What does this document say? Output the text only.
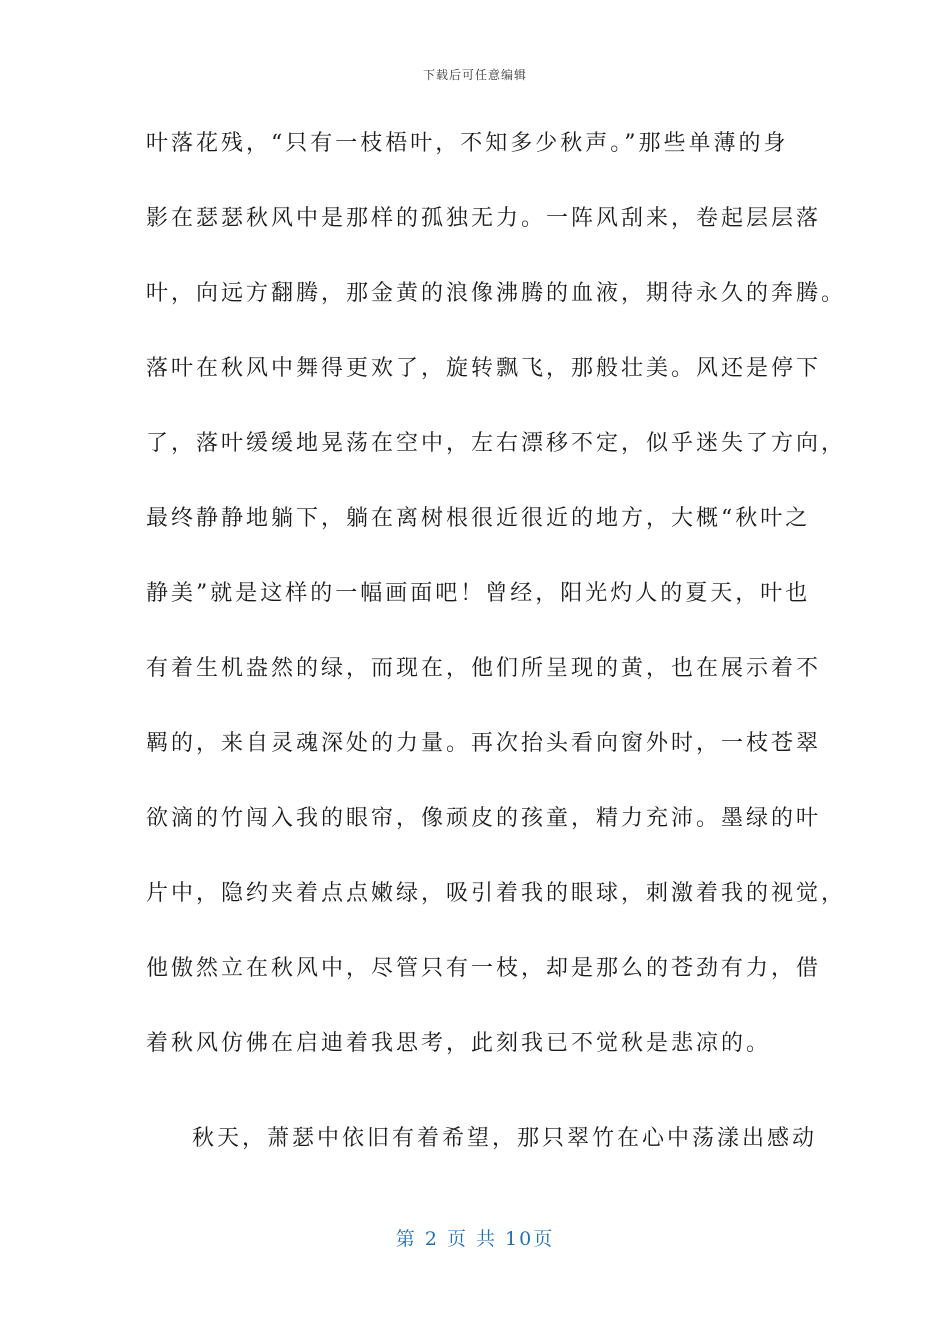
下载后可任意编辑
叶落花残，“只有一枝梧叶，不知多少秋声。”那些单薄的身
影在瑟瑟秋风中是那样的孤独无力。一阵风刮来，卷起层层落
叶，向远方翻腾，那金黄的浪像沸腾的血液，期待永久的奔腾。
落叶在秋风中舞得更欢了，旋转飘飞，那般壮美。风还是停下
了，落叶缓缓地晃荡在空中，左右漂移不定，似乎迷失了方向，
最终静静地躺下，躺在离树根很近很近的地方，大概“秋叶之
静美”就是这样的一幅画面吧！曾经，阳光灼人的夏天，叶也
有着生机盎然的绿，而现在，他们所呈现的黄，也在展示着不
羁的，来自灵魂深处的力量。再次抬头看向窗外时，一枝苍翠
欲滴的竹闯入我的眼帘，像顽皮的孩童，精力充沛。墨绿的叶
片中，隐约夹着点点嫩绿，吸引着我的眼球，刺激着我的视觉，
他傲然立在秋风中，尽管只有一枝，却是那么的苍劲有力，借
着秋风仿佛在启迪着我思考，此刻我已不觉秋是悲凉的。
秋天，萧瑟中依旧有着希望，那只翠竹在心中荡漾出感动
第 2 页 共 10页
